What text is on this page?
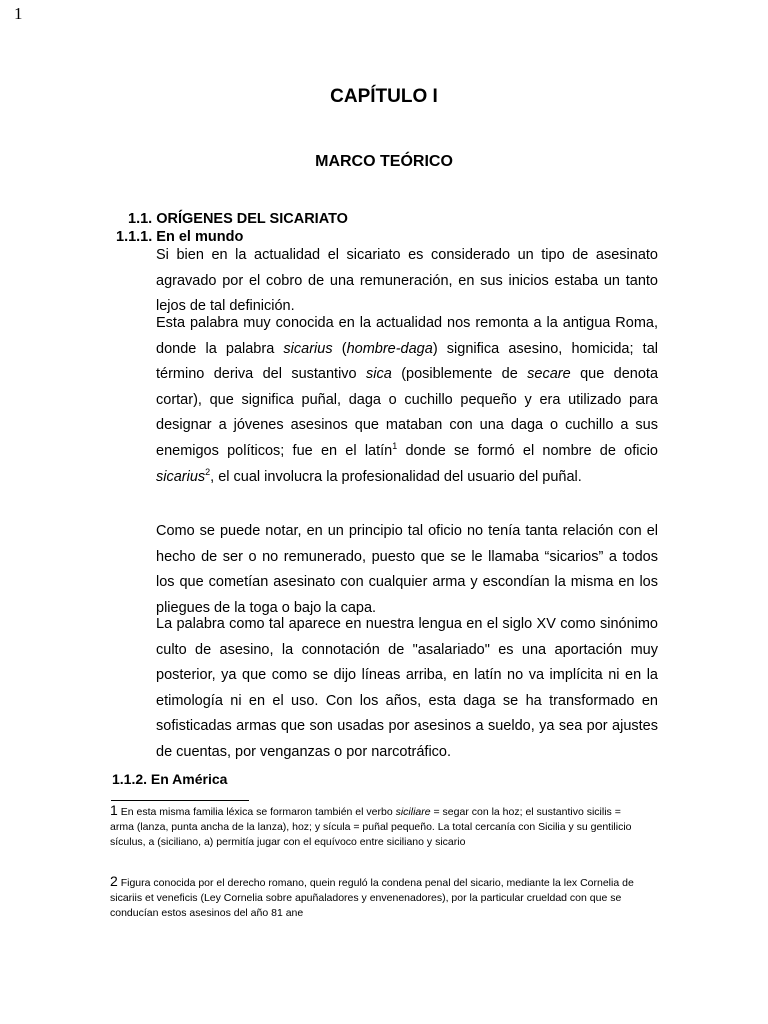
1
CAPÍTULO I
MARCO TEÓRICO
1.1. ORÍGENES DEL SICARIATO
1.1.1. En el mundo

Si bien en la actualidad el sicariato es considerado un tipo de asesinato agravado por el cobro de una remuneración, en sus inicios estaba un tanto lejos de tal definición.

Esta palabra muy conocida en la actualidad nos remonta a la antigua Roma, donde la palabra sicarius (hombre-daga) significa asesino, homicida; tal término deriva del sustantivo sica (posiblemente de secare que denota cortar), que significa puñal, daga o cuchillo pequeño y era utilizado para designar a jóvenes asesinos que mataban con una daga o cuchillo a sus enemigos políticos; fue en el latín$^1$ donde se formó el nombre de oficio sicarius$^2$, el cual involucra la profesionalidad del usuario del puñal.

Como se puede notar, en un principio tal oficio no tenía tanta relación con el hecho de ser o no remunerado, puesto que se le llamaba “sicarios” a todos los que cometían asesinato con cualquier arma y escondían la misma en los pliegues de la toga o bajo la capa.

La palabra como tal aparece en nuestra lengua en el siglo XV como sinónimo culto de asesino, la connotación de "asalariado" es una aportación muy posterior, ya que como se dijo líneas arriba, en latín no va implícita ni en la etimología ni en el uso. Con los años, esta daga se ha transformado en sofisticadas armas que son usadas por asesinos a sueldo, ya sea por ajustes de cuentas, por venganzas o por narcotráfico.

1.1.2. En América

1 En esta misma familia léxica se formaron también el verbo siciliare = segar con la hoz; el sustantivo sicilis = arma (lanza, punta ancha de la lanza), hoz; y sícula = puñal pequeño. La total cercanía con Sicilia y su gentilicio sículus, a (siciliano, a) permitía jugar con el equívoco entre siciliano y sicario

2 Figura conocida por el derecho romano, quein reguló la condena penal del sicario, mediante la lex Cornelia de sicariis et veneficis (Ley Cornelia sobre apuñaladores y envenenadores), por la particular crueldad con que se conducían estos asesinos del año 81 ane
